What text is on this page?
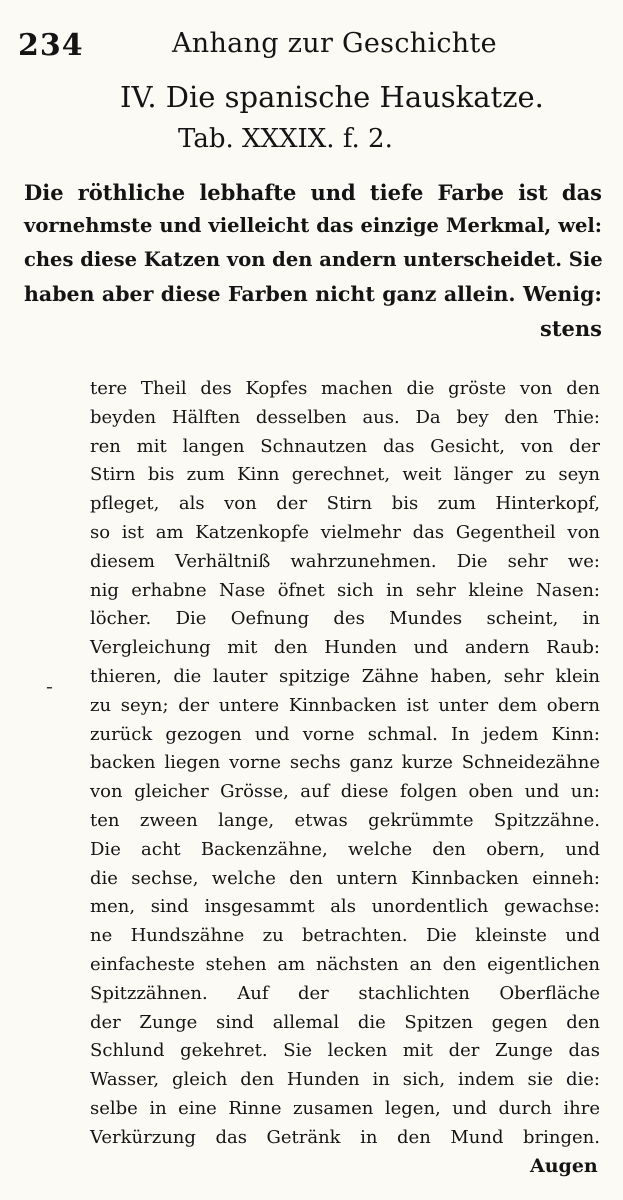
234	Anhang zur Geschichte
IV. Die spanische Hauskatze.
Tab. XXXIX. f. 2.
Die röthliche lebhafte und tiefe Farbe ist das
vornehmste und vielleicht das einzige Merkmal, wel:
ches diese Katzen von den andern unterscheidet. Sie
haben aber diese Farben nicht ganz allein. Wenig:
stens
tere Theil des Kopfes machen die gröste von den
beyden Hälften desselben aus. Da bey den Thie:
ren mit langen Schnautzen das Gesicht, von der
Stirn bis zum Kinn gerechnet, weit länger zu seyn
pfleget, als von der Stirn bis zum Hinterkopf,
so ist am Katzenkopfe vielmehr das Gegentheil von
diesem Verhältniß wahrzunehmen. Die sehr we:
nig erhabne Nase öfnet sich in sehr kleine Nasen:
löcher. Die Oefnung des Mundes scheint, in
Vergleichung mit den Hunden und andern Raub:
thieren, die lauter spitzige Zähne haben, sehr klein
zu seyn; der untere Kinnbacken ist unter dem obern
zurück gezogen und vorne schmal. In jedem Kinn:
backen liegen vorne sechs ganz kurze Schneidezähne
von gleicher Grösse, auf diese folgen oben und un:
ten zween lange, etwas gekrümmte Spitzzähne.
Die acht Backenzähne, welche den obern, und
die sechse, welche den untern Kinnbacken einneh:
men, sind insgesammt als unordentlich gewachse:
ne Hundszähne zu betrachten. Die kleinste und
einfacheste stehen am nächsten an den eigentlichen
Spitzzähnen. Auf der stachlichten Oberfläche
der Zunge sind allemal die Spitzen gegen den
Schlund gekehret. Sie lecken mit der Zunge das
Wasser, gleich den Hunden in sich, indem sie die:
selbe in eine Rinne zusamen legen, und durch ihre
Verkürzung das Getränk in den Mund bringen.
-
Augen
